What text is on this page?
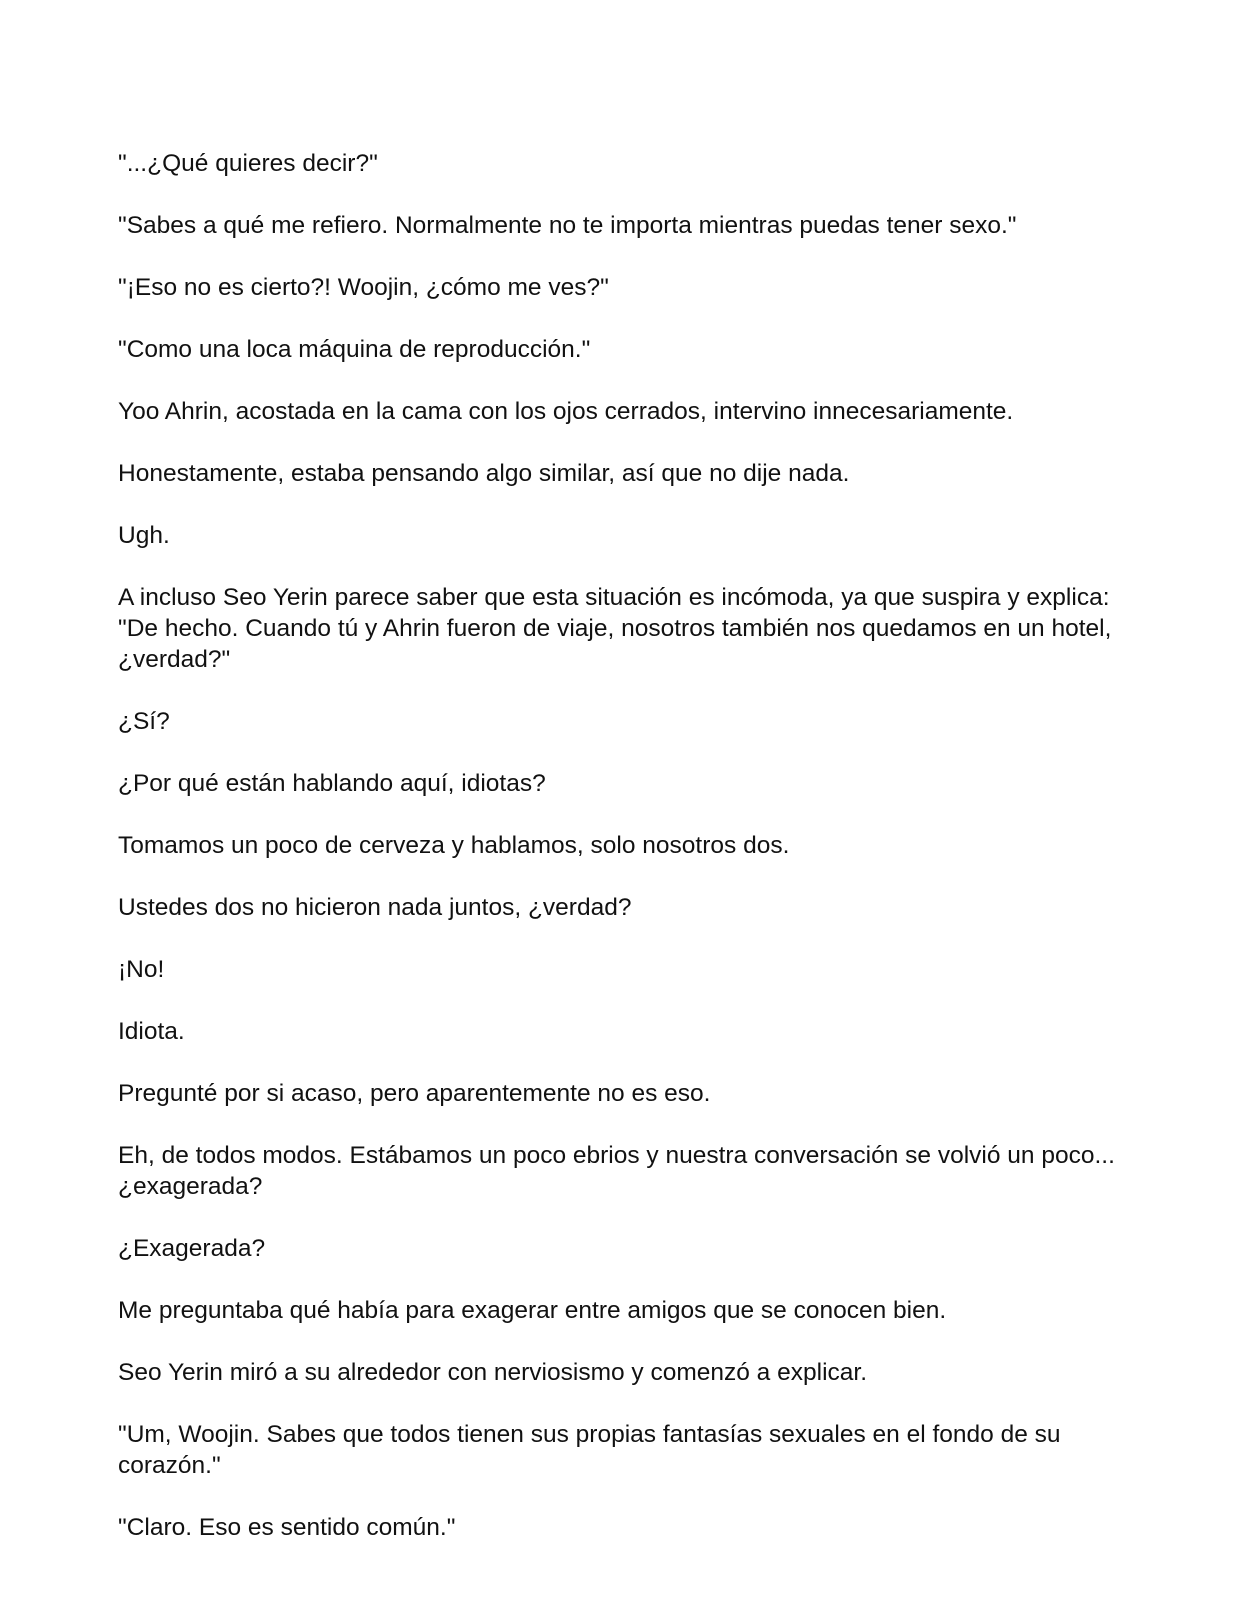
"...¿Qué quieres decir?"

"Sabes a qué me refiero. Normalmente no te importa mientras puedas tener sexo."

"¡Eso no es cierto?! Woojin, ¿cómo me ves?"

"Como una loca máquina de reproducción."

Yoo Ahrin, acostada en la cama con los ojos cerrados, intervino innecesariamente.

Honestamente, estaba pensando algo similar, así que no dije nada.

Ugh.

A incluso Seo Yerin parece saber que esta situación es incómoda, ya que suspira y explica: "De hecho. Cuando tú y Ahrin fueron de viaje, nosotros también nos quedamos en un hotel, ¿verdad?"

¿Sí?

¿Por qué están hablando aquí, idiotas?

Tomamos un poco de cerveza y hablamos, solo nosotros dos.

Ustedes dos no hicieron nada juntos, ¿verdad?

¡No!

Idiota.

Pregunté por si acaso, pero aparentemente no es eso.

Eh, de todos modos. Estábamos un poco ebrios y nuestra conversación se volvió un poco... ¿exagerada?

¿Exagerada?

Me preguntaba qué había para exagerar entre amigos que se conocen bien.

Seo Yerin miró a su alrededor con nerviosismo y comenzó a explicar.

"Um, Woojin. Sabes que todos tienen sus propias fantasías sexuales en el fondo de su corazón."

"Claro. Eso es sentido común."
